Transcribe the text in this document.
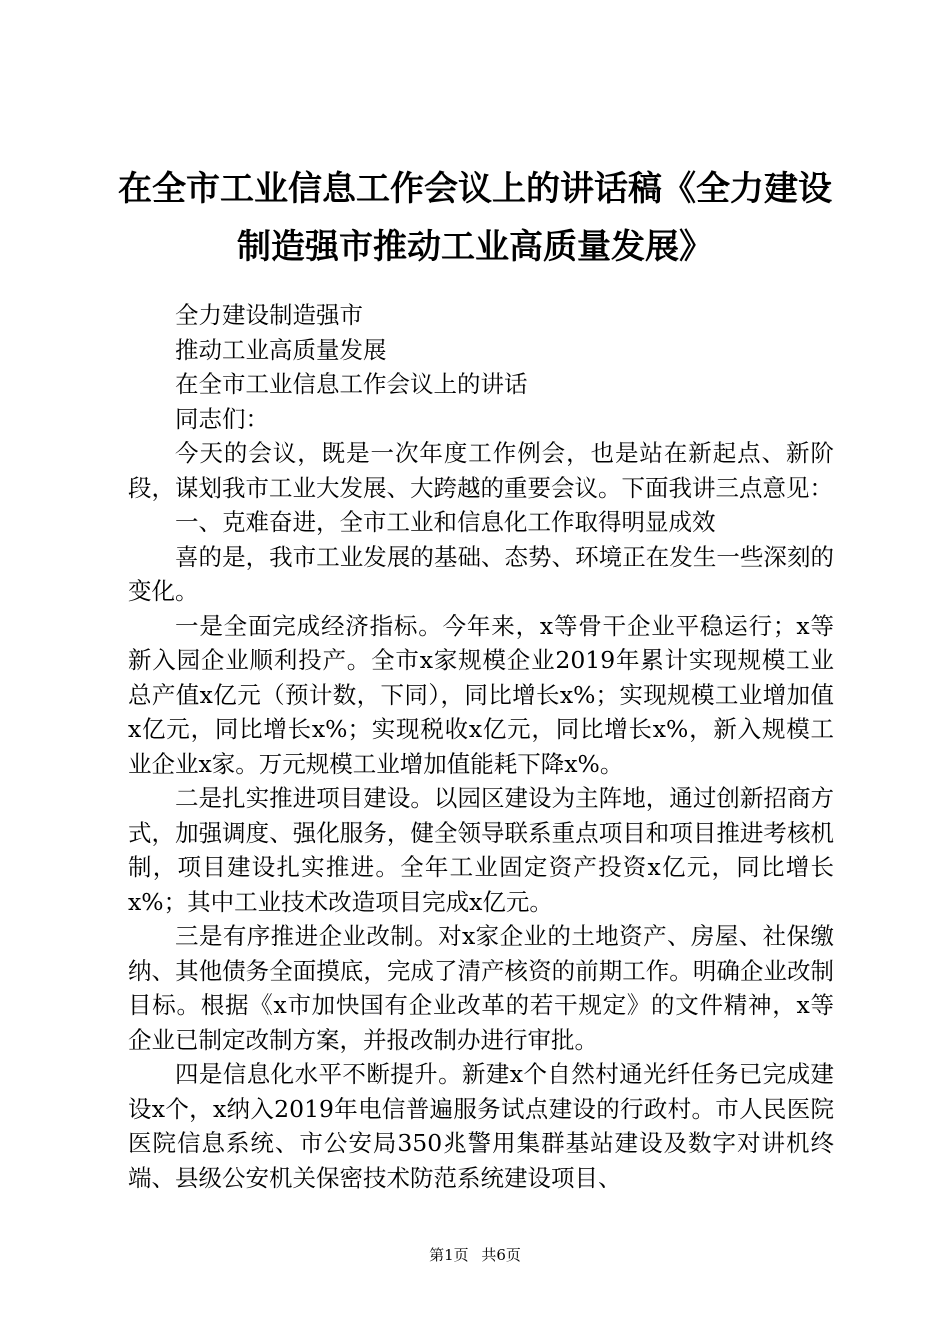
在全市工业信息工作会议上的讲话稿《全力建设制造强市推动工业高质量发展》

全力建设制造强市

推动工业高质量发展

在全市工业信息工作会议上的讲话

同志们：

今天的会议，既是一次年度工作例会，也是站在新起点、新阶段，谋划我市工业大发展、大跨越的重要会议。下面我讲三点意见：

一、克难奋进，全市工业和信息化工作取得明显成效

喜的是，我市工业发展的基础、态势、环境正在发生一些深刻的变化。

一是全面完成经济指标。今年来，x等骨干企业平稳运行；x等新入园企业顺利投产。全市x家规模企业2019年累计实现规模工业总产值x亿元（预计数，下同），同比增长x%；实现规模工业增加值x亿元，同比增长x%；实现税收x亿元，同比增长x%，新入规模工业企业x家。万元规模工业增加值能耗下降x%。

二是扎实推进项目建设。以园区建设为主阵地，通过创新招商方式，加强调度、强化服务，健全领导联系重点项目和项目推进考核机制，项目建设扎实推进。全年工业固定资产投资x亿元，同比增长x%；其中工业技术改造项目完成x亿元。

三是有序推进企业改制。对x家企业的土地资产、房屋、社保缴纳、其他债务全面摸底，完成了清产核资的前期工作。明确企业改制目标。根据《x市加快国有企业改革的若干规定》的文件精神，x等企业已制定改制方案，并报改制办进行审批。

四是信息化水平不断提升。新建x个自然村通光纤任务已完成建设x个，x纳入2019年电信普遍服务试点建设的行政村。市人民医院医院信息系统、市公安局350兆警用集群基站建设及数字对讲机终端、县级公安机关保密技术防范系统建设项目、

第1页 共6页
